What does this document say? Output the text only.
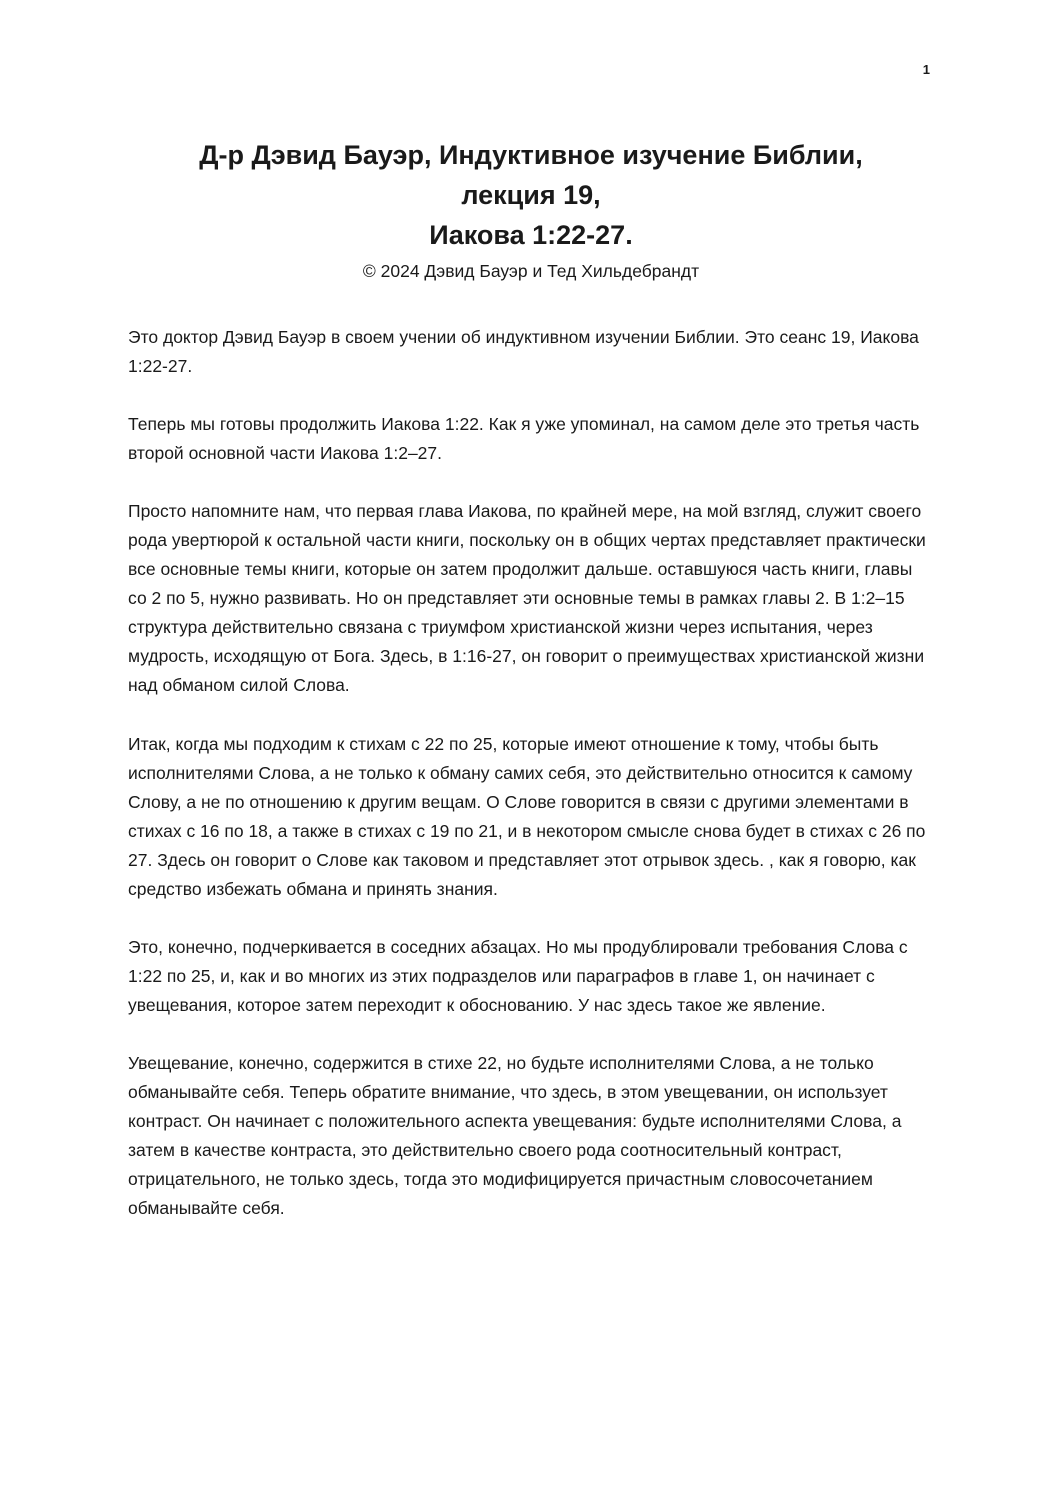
1
Д-р Дэвид Бауэр, Индуктивное изучение Библии,
лекция 19,
Иакова 1:22-27.
© 2024 Дэвид Бауэр и Тед Хильдебрандт

Это доктор Дэвид Бауэр в своем учении об индуктивном изучении Библии. Это сеанс 19, Иакова 1:22-27.

Теперь мы готовы продолжить Иакова 1:22. Как я уже упоминал, на самом деле это третья часть второй основной части Иакова 1:2–27.

Просто напомните нам, что первая глава Иакова, по крайней мере, на мой взгляд, служит своего рода увертюрой к остальной части книги, поскольку он в общих чертах представляет практически все основные темы книги, которые он затем продолжит дальше. оставшуюся часть книги, главы со 2 по 5, нужно развивать. Но он представляет эти основные темы в рамках главы 2. В 1:2–15 структура действительно связана с триумфом христианской жизни через испытания, через мудрость, исходящую от Бога. Здесь, в 1:16-27, он говорит о преимуществах христианской жизни над обманом силой Слова.

Итак, когда мы подходим к стихам с 22 по 25, которые имеют отношение к тому, чтобы быть исполнителями Слова, а не только к обману самих себя, это действительно относится к самому Слову, а не по отношению к другим вещам. О Слове говорится в связи с другими элементами в стихах с 16 по 18, а также в стихах с 19 по 21, и в некотором смысле снова будет в стихах с 26 по 27. Здесь он говорит о Слове как таковом и представляет этот отрывок здесь. , как я говорю, как средство избежать обмана и принять знания.

Это, конечно, подчеркивается в соседних абзацах. Но мы продублировали требования Слова с 1:22 по 25, и, как и во многих из этих подразделов или параграфов в главе 1, он начинает с увещевания, которое затем переходит к обоснованию. У нас здесь такое же явление.

Увещевание, конечно, содержится в стихе 22, но будьте исполнителями Слова, а не только обманывайте себя. Теперь обратите внимание, что здесь, в этом увещевании, он использует контраст. Он начинает с положительного аспекта увещевания: будьте исполнителями Слова, а затем в качестве контраста, это действительно своего рода соотносительный контраст, отрицательного, не только здесь, тогда это модифицируется причастным словосочетанием обманывайте себя.
